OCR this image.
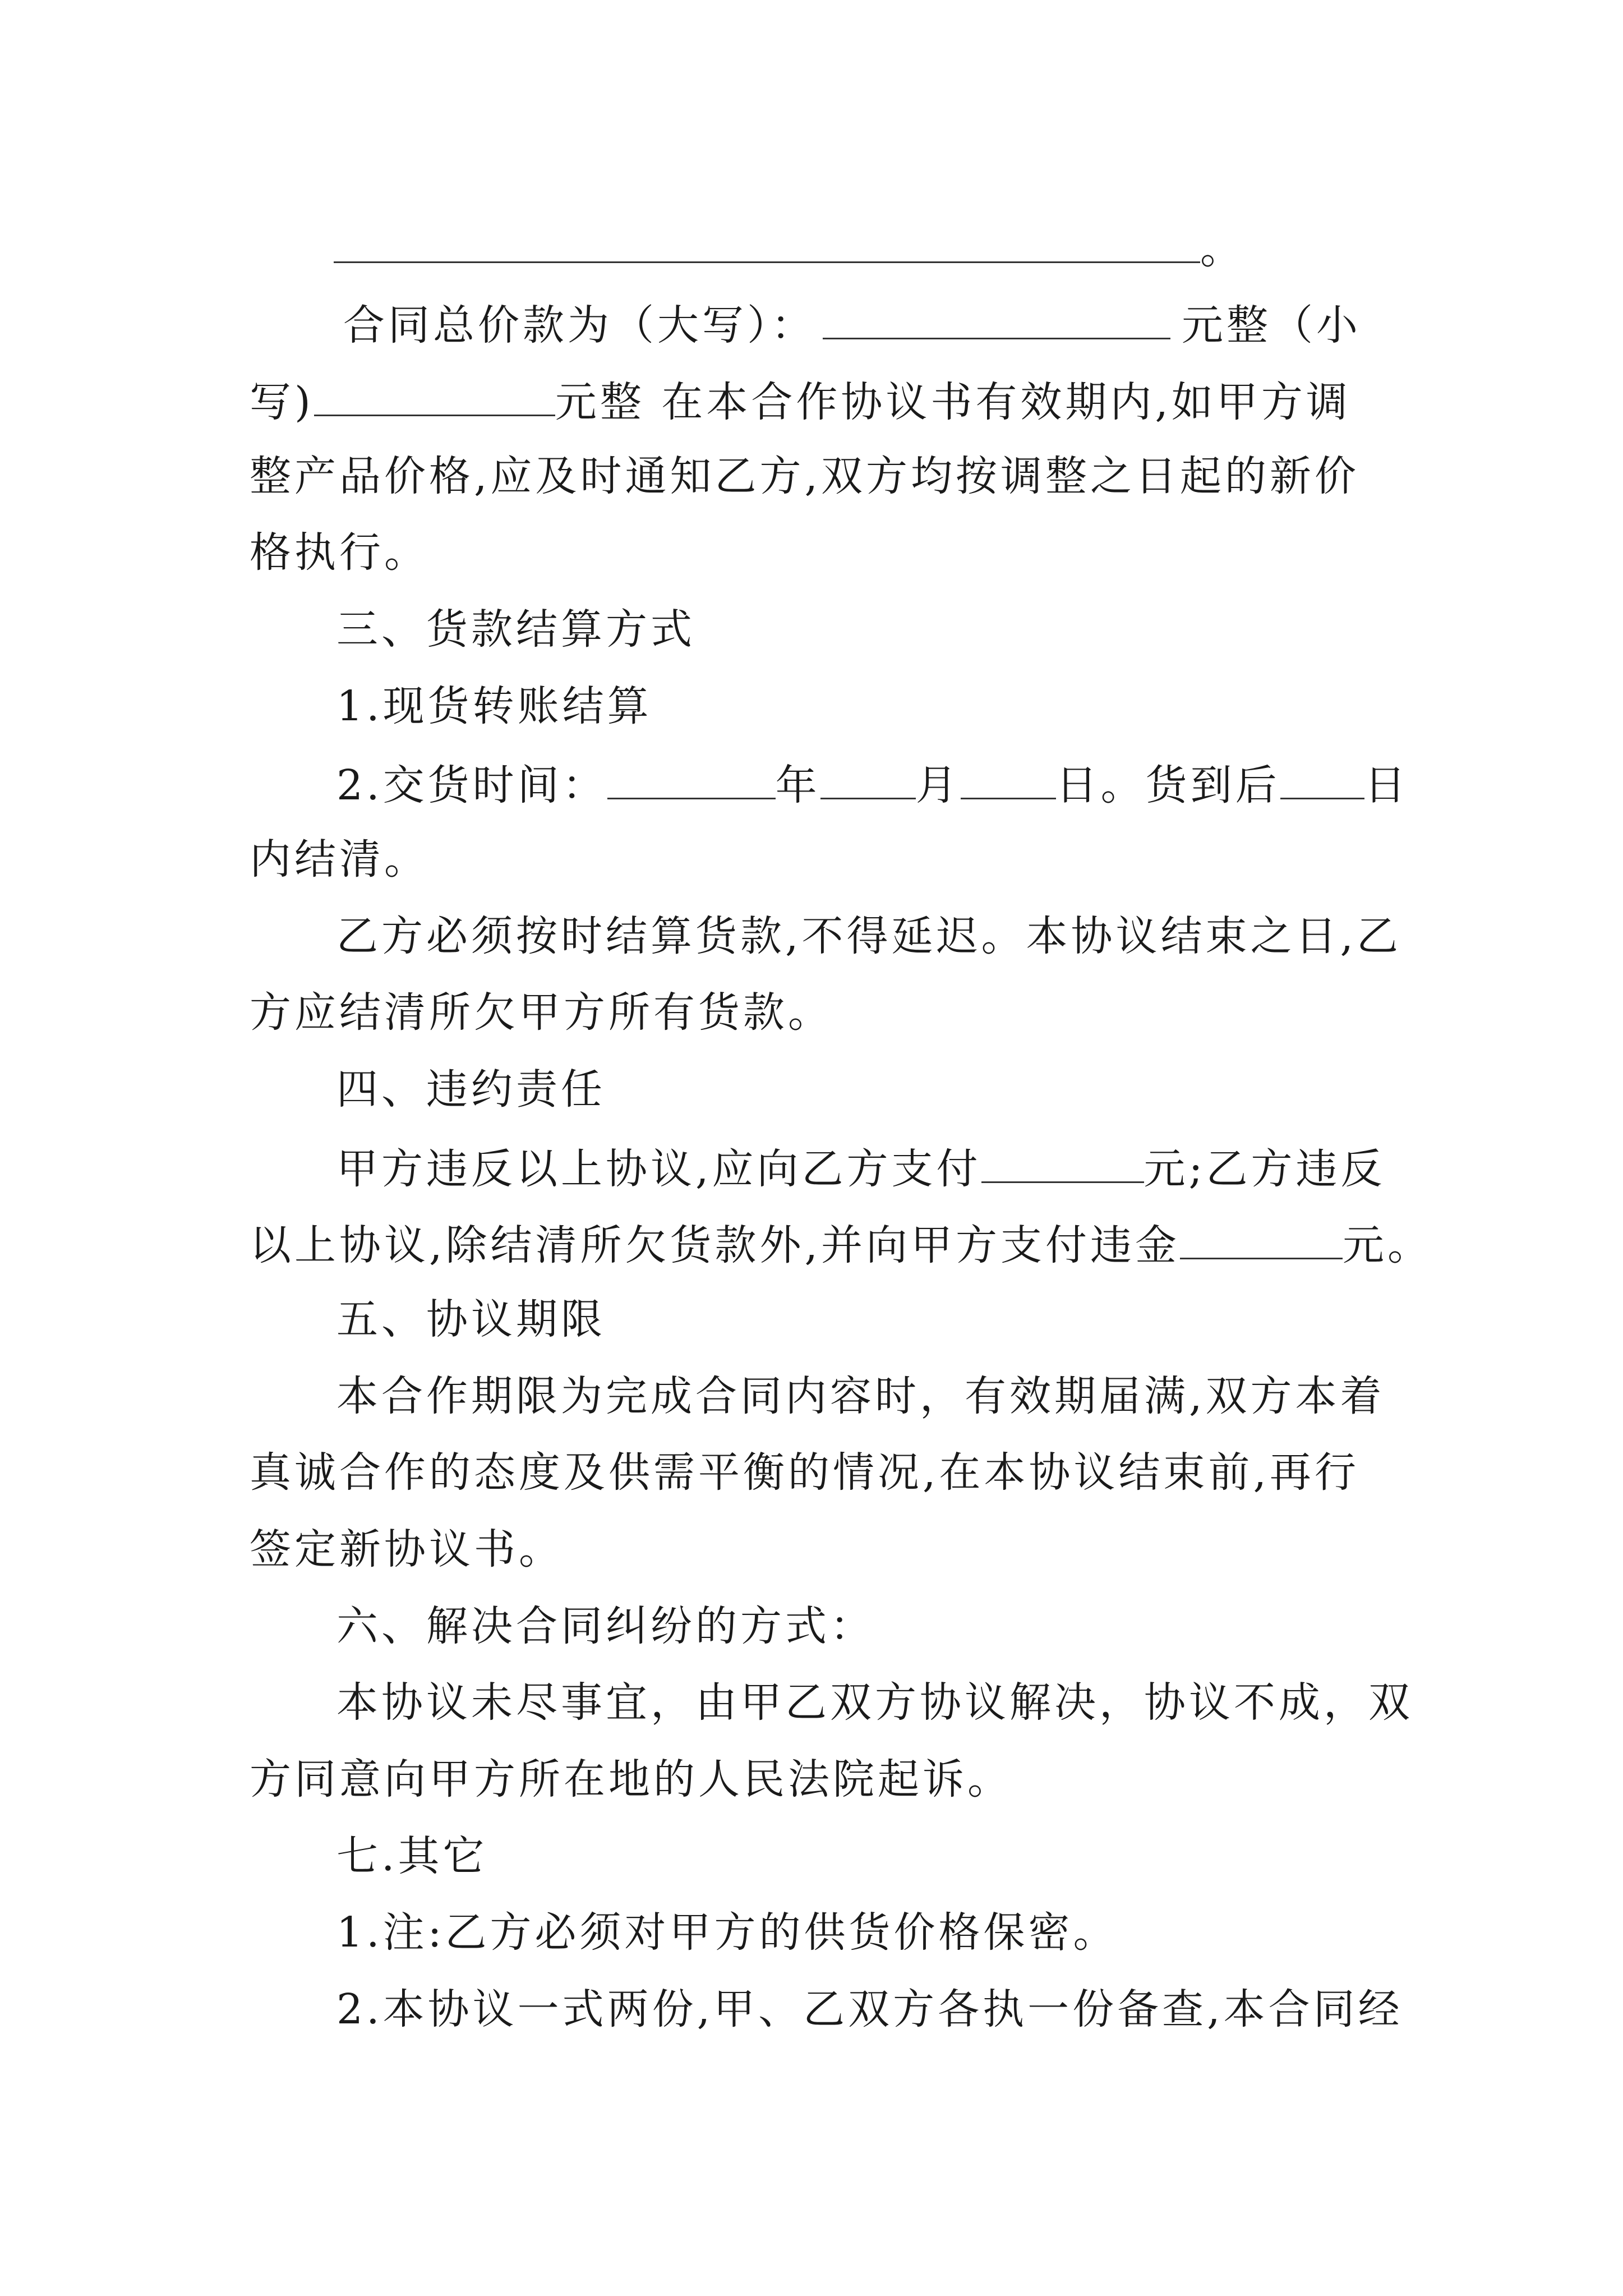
。
合同总价款为（大写）：	元整（小
写)	元整 在本合作协议书有效期内,如甲方调
整产品价格,应及时通知乙方,双方均按调整之日起的新价
格执行。
三、货款结算方式
1.现货转账结算
2.交货时间：	年 月 日。货到后 日
内结清。
乙方必须按时结算货款,不得延迟。本协议结束之日,乙
方应结清所欠甲方所有货款。
四、违约责任
甲方违反以上协议,应向乙方支付	元;乙方违反
以上协议,除结清所欠货款外,并向甲方支付违金	元。
五、协议期限
本合作期限为完成合同内容时，有效期届满,双方本着
真诚合作的态度及供需平衡的情况,在本协议结束前,再行
签定新协议书。
六、解决合同纠纷的方式：
本协议未尽事宜，由甲乙双方协议解决，协议不成，双
方同意向甲方所在地的人民法院起诉。
七.其它
1.注:乙方必须对甲方的供货价格保密。
2.本协议一式两份,甲、乙双方各执一份备查,本合同经
